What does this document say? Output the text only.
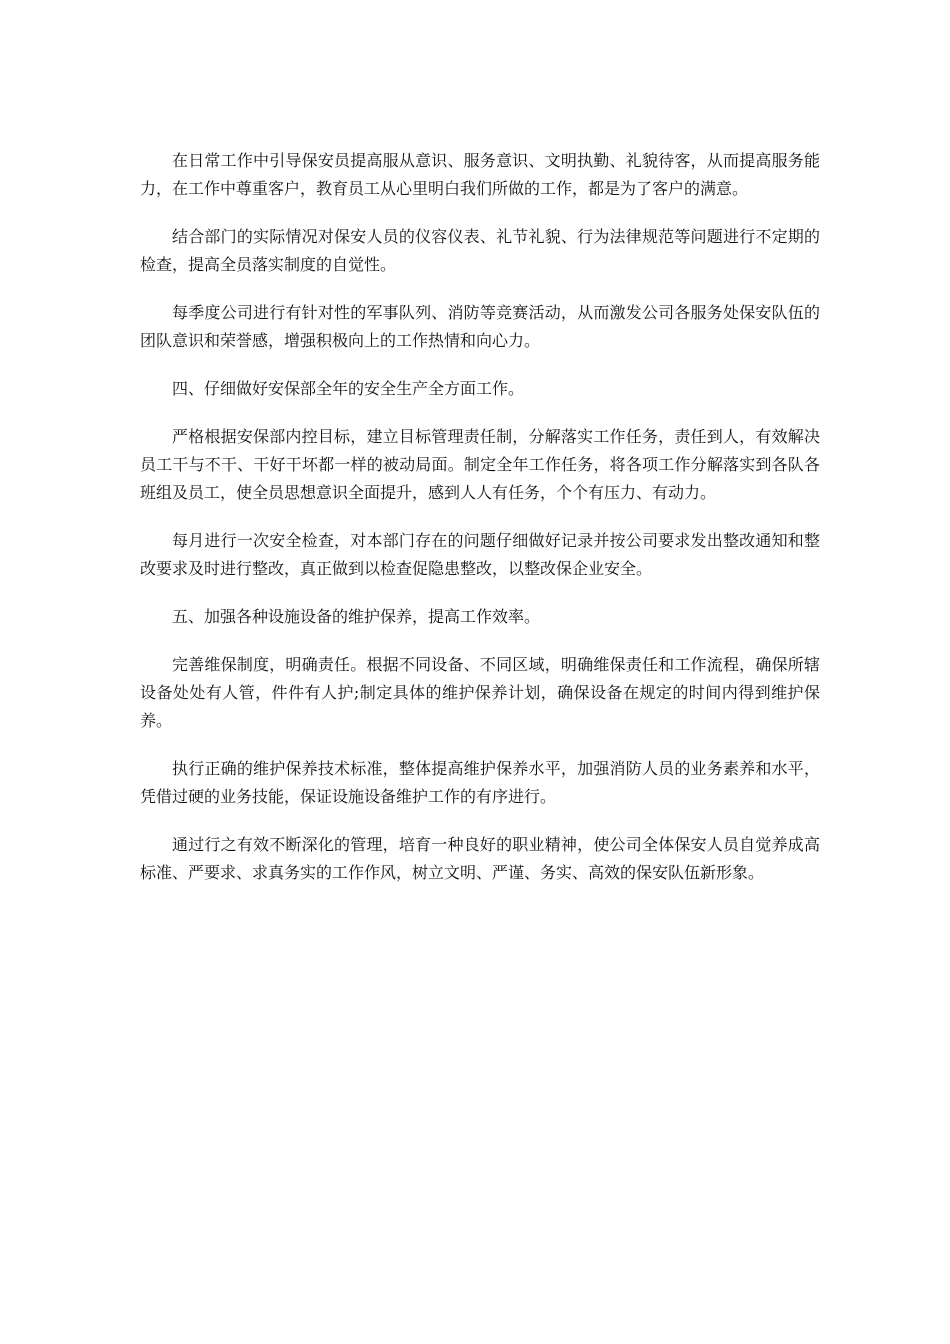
在日常工作中引导保安员提高服从意识、服务意识、文明执勤、礼貌待客，从而提高服务能力，在工作中尊重客户，教育员工从心里明白我们所做的工作，都是为了客户的满意。

结合部门的实际情况对保安人员的仪容仪表、礼节礼貌、行为法律规范等问题进行不定期的检查，提高全员落实制度的自觉性。

每季度公司进行有针对性的军事队列、消防等竞赛活动，从而激发公司各服务处保安队伍的团队意识和荣誉感，增强积极向上的工作热情和向心力。

四、仔细做好安保部全年的安全生产全方面工作。

严格根据安保部内控目标，建立目标管理责任制，分解落实工作任务，责任到人，有效解决员工干与不干、干好干坏都一样的被动局面。制定全年工作任务，将各项工作分解落实到各队各班组及员工，使全员思想意识全面提升，感到人人有任务，个个有压力、有动力。

每月进行一次安全检查，对本部门存在的问题仔细做好记录并按公司要求发出整改通知和整改要求及时进行整改，真正做到以检查促隐患整改，以整改保企业安全。

五、加强各种设施设备的维护保养，提高工作效率。

完善维保制度，明确责任。根据不同设备、不同区域，明确维保责任和工作流程，确保所辖设备处处有人管，件件有人护;制定具体的维护保养计划，确保设备在规定的时间内得到维护保养。

执行正确的维护保养技术标准，整体提高维护保养水平，加强消防人员的业务素养和水平，凭借过硬的业务技能，保证设施设备维护工作的有序进行。

通过行之有效不断深化的管理，培育一种良好的职业精神，使公司全体保安人员自觉养成高标准、严要求、求真务实的工作作风，树立文明、严谨、务实、高效的保安队伍新形象。
